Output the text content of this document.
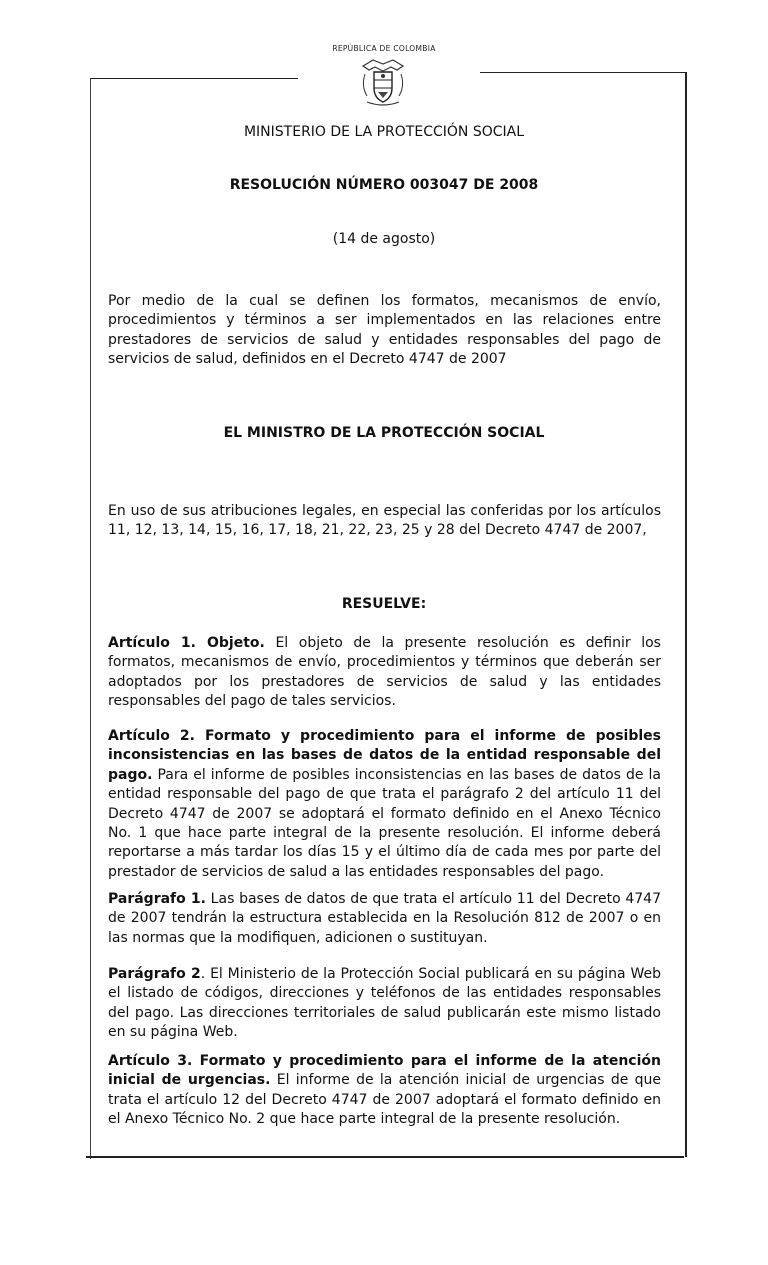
REPÚBLICA DE COLOMBIA
MINISTERIO DE LA PROTECCIÓN SOCIAL
RESOLUCIÓN NÚMERO 003047 DE 2008
(14 de agosto)
Por medio de la cual se definen los formatos, mecanismos de envío, procedimientos y términos a ser implementados en las relaciones entre prestadores de servicios de salud y entidades responsables del pago de servicios de salud, definidos en el Decreto 4747 de 2007
EL MINISTRO DE LA PROTECCIÓN SOCIAL
En uso de sus atribuciones legales, en especial las conferidas por los artículos 11, 12, 13, 14, 15, 16, 17, 18, 21, 22, 23, 25 y 28 del Decreto 4747 de 2007,
RESUELVE:
Artículo 1. Objeto. El objeto de la presente resolución es definir los formatos, mecanismos de envío, procedimientos y términos que deberán ser adoptados por los prestadores de servicios de salud y las entidades responsables del pago de tales servicios.
Artículo 2. Formato y procedimiento para el informe de posibles inconsistencias en las bases de datos de la entidad responsable del pago. Para el informe de posibles inconsistencias en las bases de datos de la entidad responsable del pago de que trata el parágrafo 2 del artículo 11 del Decreto 4747 de 2007 se adoptará el formato definido en el Anexo Técnico No. 1 que hace parte integral de la presente resolución. El informe deberá reportarse a más tardar los días 15 y el último día de cada mes por parte del prestador de servicios de salud a las entidades responsables del pago.
Parágrafo 1. Las bases de datos de que trata el artículo 11 del Decreto 4747 de 2007 tendrán la estructura establecida en la Resolución 812 de 2007 o en las normas que la modifiquen, adicionen o sustituyan.
Parágrafo 2. El Ministerio de la Protección Social publicará en su página Web el listado de códigos, direcciones y teléfonos de las entidades responsables del pago. Las direcciones territoriales de salud publicarán este mismo listado en su página Web.
Artículo 3. Formato y procedimiento para el informe de la atención inicial de urgencias. El informe de la atención inicial de urgencias de que trata el artículo 12 del Decreto 4747 de 2007 adoptará el formato definido en el Anexo Técnico No. 2 que hace parte integral de la presente resolución.
